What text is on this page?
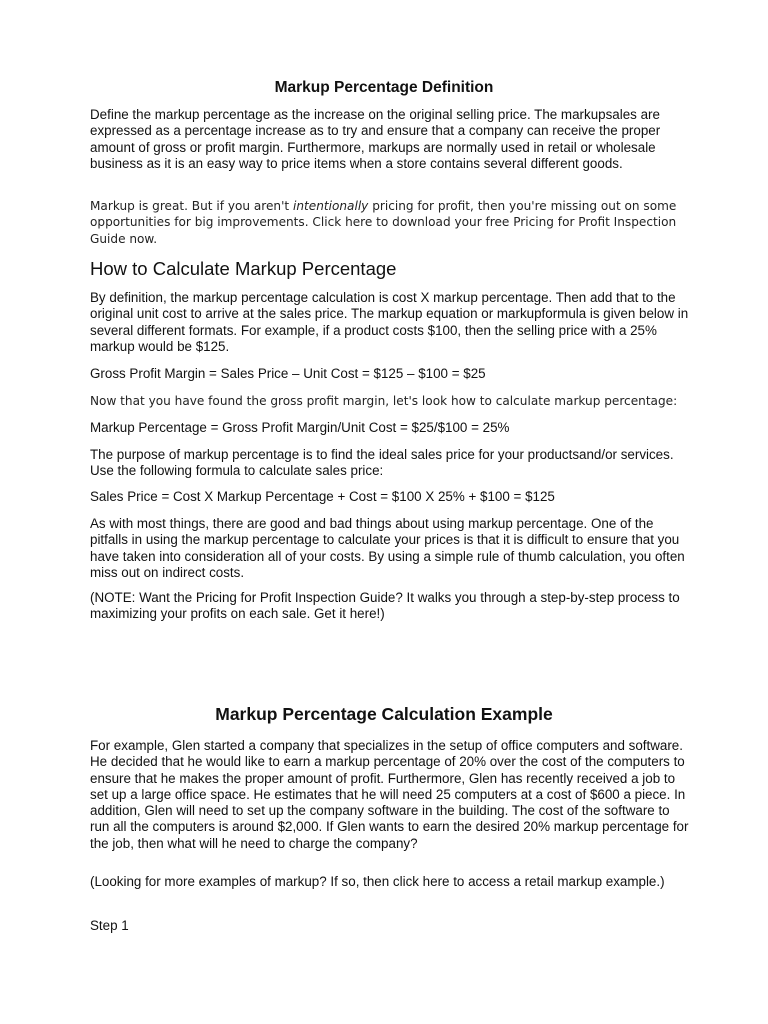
Markup Percentage Definition

Define the markup percentage as the increase on the original selling price. The markupsales are expressed as a percentage increase as to try and ensure that a company can receive the proper amount of gross or profit margin. Furthermore, markups are normally used in retail or wholesale business as it is an easy way to price items when a store contains several different goods.

Markup is great. But if you aren't intentionally pricing for profit, then you're missing out on some opportunities for big improvements. Click here to download your free Pricing for Profit Inspection Guide now.

How to Calculate Markup Percentage

By definition, the markup percentage calculation is cost X markup percentage. Then add that to the original unit cost to arrive at the sales price. The markup equation or markupformula is given below in several different formats. For example, if a product costs $100, then the selling price with a 25% markup would be $125.

Gross Profit Margin = Sales Price – Unit Cost = $125 – $100 = $25

Now that you have found the gross profit margin, let's look how to calculate markup percentage:

Markup Percentage = Gross Profit Margin/Unit Cost = $25/$100 = 25%

The purpose of markup percentage is to find the ideal sales price for your productsand/or services. Use the following formula to calculate sales price:

Sales Price = Cost X Markup Percentage + Cost = $100 X 25% + $100 = $125

As with most things, there are good and bad things about using markup percentage. One of the pitfalls in using the markup percentage to calculate your prices is that it is difficult to ensure that you have taken into consideration all of your costs. By using a simple rule of thumb calculation, you often miss out on indirect costs.

(NOTE: Want the Pricing for Profit Inspection Guide? It walks you through a step-by-step process to maximizing your profits on each sale. Get it here!)

Markup Percentage Calculation Example

For example, Glen started a company that specializes in the setup of office computers and software. He decided that he would like to earn a markup percentage of 20% over the cost of the computers to ensure that he makes the proper amount of profit. Furthermore, Glen has recently received a job to set up a large office space. He estimates that he will need 25 computers at a cost of $600 a piece. In addition, Glen will need to set up the company software in the building. The cost of the software to run all the computers is around $2,000. If Glen wants to earn the desired 20% markup percentage for the job, then what will he need to charge the company?

(Looking for more examples of markup? If so, then click here to access a retail markup example.)

Step 1
